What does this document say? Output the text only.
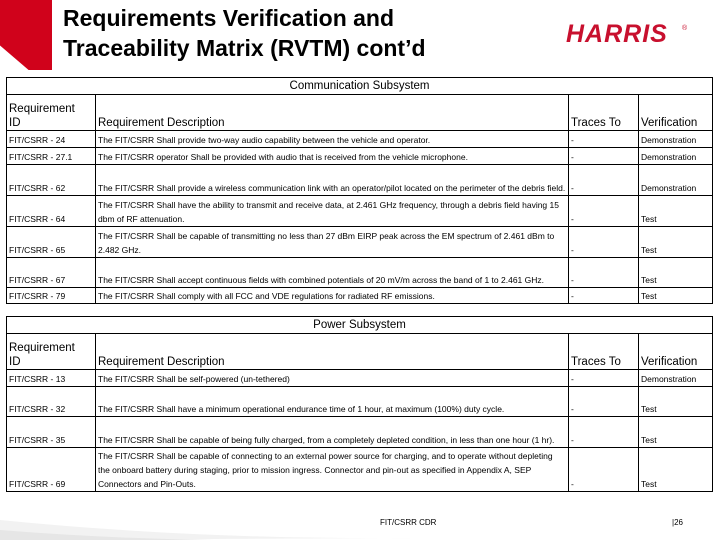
Requirements Verification and
Traceability Matrix (RVTM) cont’d	HARRIS ®
Communication Subsystem			
Requirement
ID	Requirement Description	Traces To	Verification
FIT/CSRR - 24	The FIT/CSRR Shall provide two-way audio capability between the vehicle and operator.	-	Demonstration
FIT/CSRR - 27.1	The FIT/CSRR operator Shall be provided with audio that is received from the vehicle microphone.	-	Demonstration
FIT/CSRR - 62	The FIT/CSRR Shall provide a wireless communication link with an operator/pilot located on the perimeter of the debris field.	-	Demonstration
FIT/CSRR - 64	The FIT/CSRR Shall have the ability to transmit and receive data, at 2.461 GHz frequency, through a debris field having 15 dbm of RF attenuation.	-	Test
FIT/CSRR - 65	The FIT/CSRR Shall be capable of transmitting no less than 27 dBm EIRP peak across the EM spectrum of 2.461 dBm to 2.482 GHz.	-	Test
FIT/CSRR - 67	The FIT/CSRR Shall accept continuous fields with combined potentials of 20 mV/m across the band of 1 to 2.461 GHz.	-	Test
FIT/CSRR - 79	The FIT/CSRR Shall comply with all FCC and VDE regulations for radiated RF emissions.	-	Test
Power Subsystem			
Requirement
ID	Requirement Description	Traces To	Verification
FIT/CSRR - 13	The FIT/CSRR Shall be self-powered (un-tethered)	-	Demonstration
FIT/CSRR - 32	The FIT/CSRR Shall have a minimum operational endurance time of 1 hour, at maximum (100%) duty cycle.	-	Test
FIT/CSRR - 35	The FIT/CSRR Shall be capable of being fully charged, from a completely depleted condition, in less than one hour (1 hr).	-	Test
FIT/CSRR - 69	The FIT/CSRR Shall be capable of connecting to an external power source for charging, and to operate without depleting the onboard battery during staging, prior to mission ingress. Connector and pin-out as specified in Appendix A, SEP Connectors and Pin-Outs.	-	Test
FIT/CSRR CDR	|26
